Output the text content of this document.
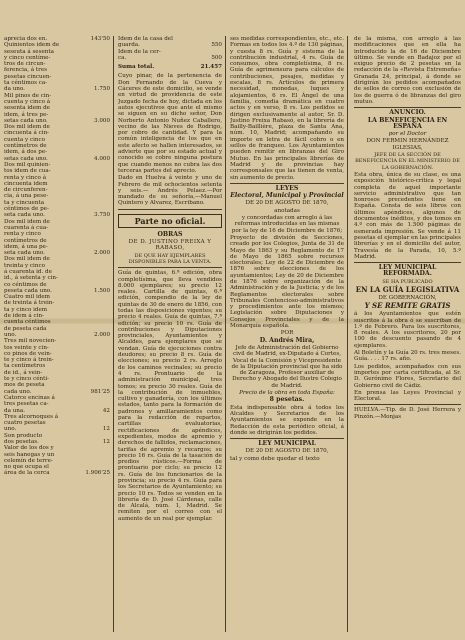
aprecia dos en.	143'50
Quinientos idem de
seseuta á sesenta
y cinco centíme-
tros de circun-
ferencia, á tres
pesetas cincuen-
ta céntimos ca-
da uno.	1.750
Mil pinos de cin-
cuenta y cinco á
sesenta idem de
idem, á tres pe-
setas cada uno.	3.000
Dos mil idem de
cincuenta á cin-
cuenta y cinco
centímetros de
idem, á dos pe-
setas cada uno.	4.000
Dos mil quinien-
tos idem de cua-
renta y cinco á
cincuenta idem
de circunferen-
cia, á una pese-
ta y cincuenta
céntimos de pe-
seta cada uno.	3.750
Dos mil idem de
cuarenta á cua-
renta y cinco
centímetros de
idem, á una pe-
seta cada uno.	2.000
Dos mil idem de
treinta y cinco
á cuarenta id. de
id., á setenta y cin-
co céntimos de
peseta cada uno.	1.500
Cuatro mil idem
de treinta á trein-
ta y cinco idem
de idem á cin-
cuenta céntimos
de peseta cada
uno.	2.000
Tres mil novecien-
tos veinte y cin-
co pinos de vein-
te y cinco á trein-
ta centímetros
de id., á vein-
te y cinco cénti-
mos de peseta
cada uno.	981'25
Catorce encinas á
tres pesetas ca-
da una.	42
Tres alcornoques á
cuatro pesetas
uno.	12
Son producto
dos pesetas.	12
Valor de los dos y
seis hanegas y un
celemín de terre-
no que ocupa el
área de la cerca	1.906'25
Idem de la casa del
guarda.	550
Idem de la cer-
ca.	500
Suma total.	21.457

Cuyo pinar, de la pertenencia de Don Fernando de la Cueva y Cáceres de este domicilio, se vende en virtud de providencia de este Juzgado fecha de hoy, dictada en los autos ejecutivos que ante el mismo se siguen en su dicho señor, Don Norberto Antonio Nuñez Caballero, vecino de las Nieves de Rodrigo, por cobro de cantidad. Y para la común inteligencia de los que en este afecto se hallen interesados, se advierte que por su estado actual y conocido se cobre ninguna postura que cuando menos no cubra las dos terceras partes del aprecio.

Dado en Huelva á veinte y uno de Febrero de mil ochocientos setenta y seis.— Andrés Pelaez.—Por mandado de su señoría,—Manuel Quintero y Alvarez, Escribano.

Parte no oficial.

OBRAS

DE D. JUSTINO FREIXA Y RABASO,

DE QUE HAY EJEMPLARES DISPONIBLES PARA LA VENTA.

Guía de quintas, 6.ª edición, obra completísima, que lleva vendidos 8.000 ejemplares; su precio 12 reales. Cartilla de quintas, 6.ª edición, compendio de la ley de quintas de 30 de enero de 1856, con todas las disposiciones vigentes; su precio 4 reales. Guía de quintas, 7.ª edición; su precio 10 rs. Guía de contribuciones y Diputaciones provinciales, Ayuntamientos y Alcaldes, para ejemplares que se vendan. Guía de ejecuciones contra deudores; su precio 8 rs. Guía de elecciones; su precio 2 rs. Arreglo de los caminos vecinales; su precio 4 rs. Prontuario de la administración municipal, tres tomos; su precio 30 reales. Guía de la contribución de inmuebles, cultivo y ganadería, con los últimos estados, tanto para la formación de padrones y amillaramientos como para la redacción de repartos, cartillas evaluatorias, rectificaciones de apéndices, expedientes, modos de apremio y derechos de fallidos, reclamaciones, tarifas de apremio y recargos; su precio 16 rs. Guía de la tasación de predios rústicos.—Forma de prontuario por ciclo; su precio 12 rs. Guía de los funcionarios de la provincia; su precio 4 rs. Guía para los Secretarios de Ayuntamiento; su precio 10 rs. Todos se venden en la librería de D. José Cárdenas, calle de Alcalá, núm. 1, Madrid. Se remiten por el correo con el aumento de un real por ejemplar.

ses medidas correspondientes, etc., etc. Formas en todos los 4.º de 130 páginas, y cuesta 8 rs. Guía y sistema de la contribución industrial, 4 rs. Guía de consumos, obra completísima, 8 rs. Guía de agrimensura para cálculos de contribuciones, pesajes, medidas y escalas, 8 rs. Artículos de primera necesidad, monedas, luques y alojamientos, 6 rs. El Ángel de una familia, comedia dramática en cuatro actos y en verso, 8 rs. Los pedidos se dirigen exclusivamente al autor, Sr. D. Justino Freixa Rabasó, en la librería de Bailly-Baillière, plaza de Santa Ana, núm. 10, Madrid; acompañando su importe en letra de fácil cobro o en sellos de franqueo. Los Ayuntamientos pueden remitir en libranzas del Giro Mutuo. En las principales librerías de Madrid y de provincias hay corresponsales que las tienen de venta, sin aumento de precio.

LEYES

Electoral, Municipal y Provincial

DE 20 DE AGOSTO DE 1870,

anotadas

y concordadas con arreglo á las reformas introducidas en las mismas por la ley de 16 de Diciembre de 1876;

Proyecto de división de Secciones, creado por los Colegios, Junta de 31 de Mayo de 1863 y su Reglamento de 17 de Mayo de 1865 sobre recursos electorales; Ley de 22 de Diciembre de 1876 sobre elecciones de los ayuntamientos; Ley de 20 de Diciembre de 1876 sobre organización de la Administración y de la Justicia; y de los Reglamentos electorales sobre Tribunales Contencioso-administrativos y procedimientos ante los mismos; Legislación sobre Diputaciones y Consejos Provinciales y de la Monarquía española.

POR

D. Andrés Mira,

Jefe de Administración del Gobierno civil de Madrid, ex-Diputado á Cortes, Vocal de la Comisión y Vicepresidente de la Diputación provincial que ha sido de Zaragoza, Profesor auxiliar de Derecho y Abogado del Ilustre Colegio de Madrid.

Precio de la obra en toda España:

8 pesetas.

Esta indispensable obra á todos los Alcaldes y Secretarios de los Ayuntamientos se expende en la Redacción de esta periódico oficial, á donde se dirigirán los pedidos.

LEY MUNICIPAL

DE 20 DE AGOSTO DE 1870,

tal y como debe quedar el texto

de la misma, con arreglo á las modificaciones que en ella ha introducido la de 16 de Diciembre último. Se vende en Badajoz por el exiguo precio de 2 pesetas en la redacción de la «Revista Extremeña» Granada 24, principal, á donde se dirigirán los pedidos acompañados de sellos de correo con exclusión de los de guerra ó de libranzas del giro mutuo.

ANUNCIO.

LA BENEFICENCIA EN ESPAÑA

por el Doctor

DON FERMIN HERNÁNDEZ IGLESIAS,

JEFE DE LA SECCIÓN DE BENEFICENCIA EN EL MINISTERIO DE LA GOBERNACIÓN.

Esta obra, única de su clase, es una exposición histórico-crítica y legal completa de aquel importante servicio administrativo que tan honrosos precedentes tiene en España. Consta de seis libros con últimos apéndices, algunos de documentos inéditos, y dos tomos en 4.º con más de 1.500 páginas de esmerada impresión. Se vende á 11 pesetas el ejemplar en las principales librerías y en el domicilio del autor, Travesía de la Parada, 10, 5.º Madrid.

LEY MUNICIPAL REFORMADA.

SE HA PUBLICADO

EN LA GUÍA LEGISLATIVA

DE GOBERNACIÓN,

Y SE REMITE GRATIS

á los Ayuntamientos que estén suscritos á la obra ó se suscriban de 1.º de Febrero. Para los suscritores, 8 reales. A los suscritores, 20 por 100 de descuento pasando de 4 ejemplares.

Al Boletín y la Guía 20 rs. tres meses. Guía. . . . 17 rs. año.

Los pedidos, acompañados con sus importes por carta certificada, al Sr. D. Gerónimo Flores, Secretario del Gobierno civil de Cádiz.

En prensa las Leyes Provincial y Electoral.

HUELVA.—Tip. de D. José Herrera y Pinzón.—Monjas
